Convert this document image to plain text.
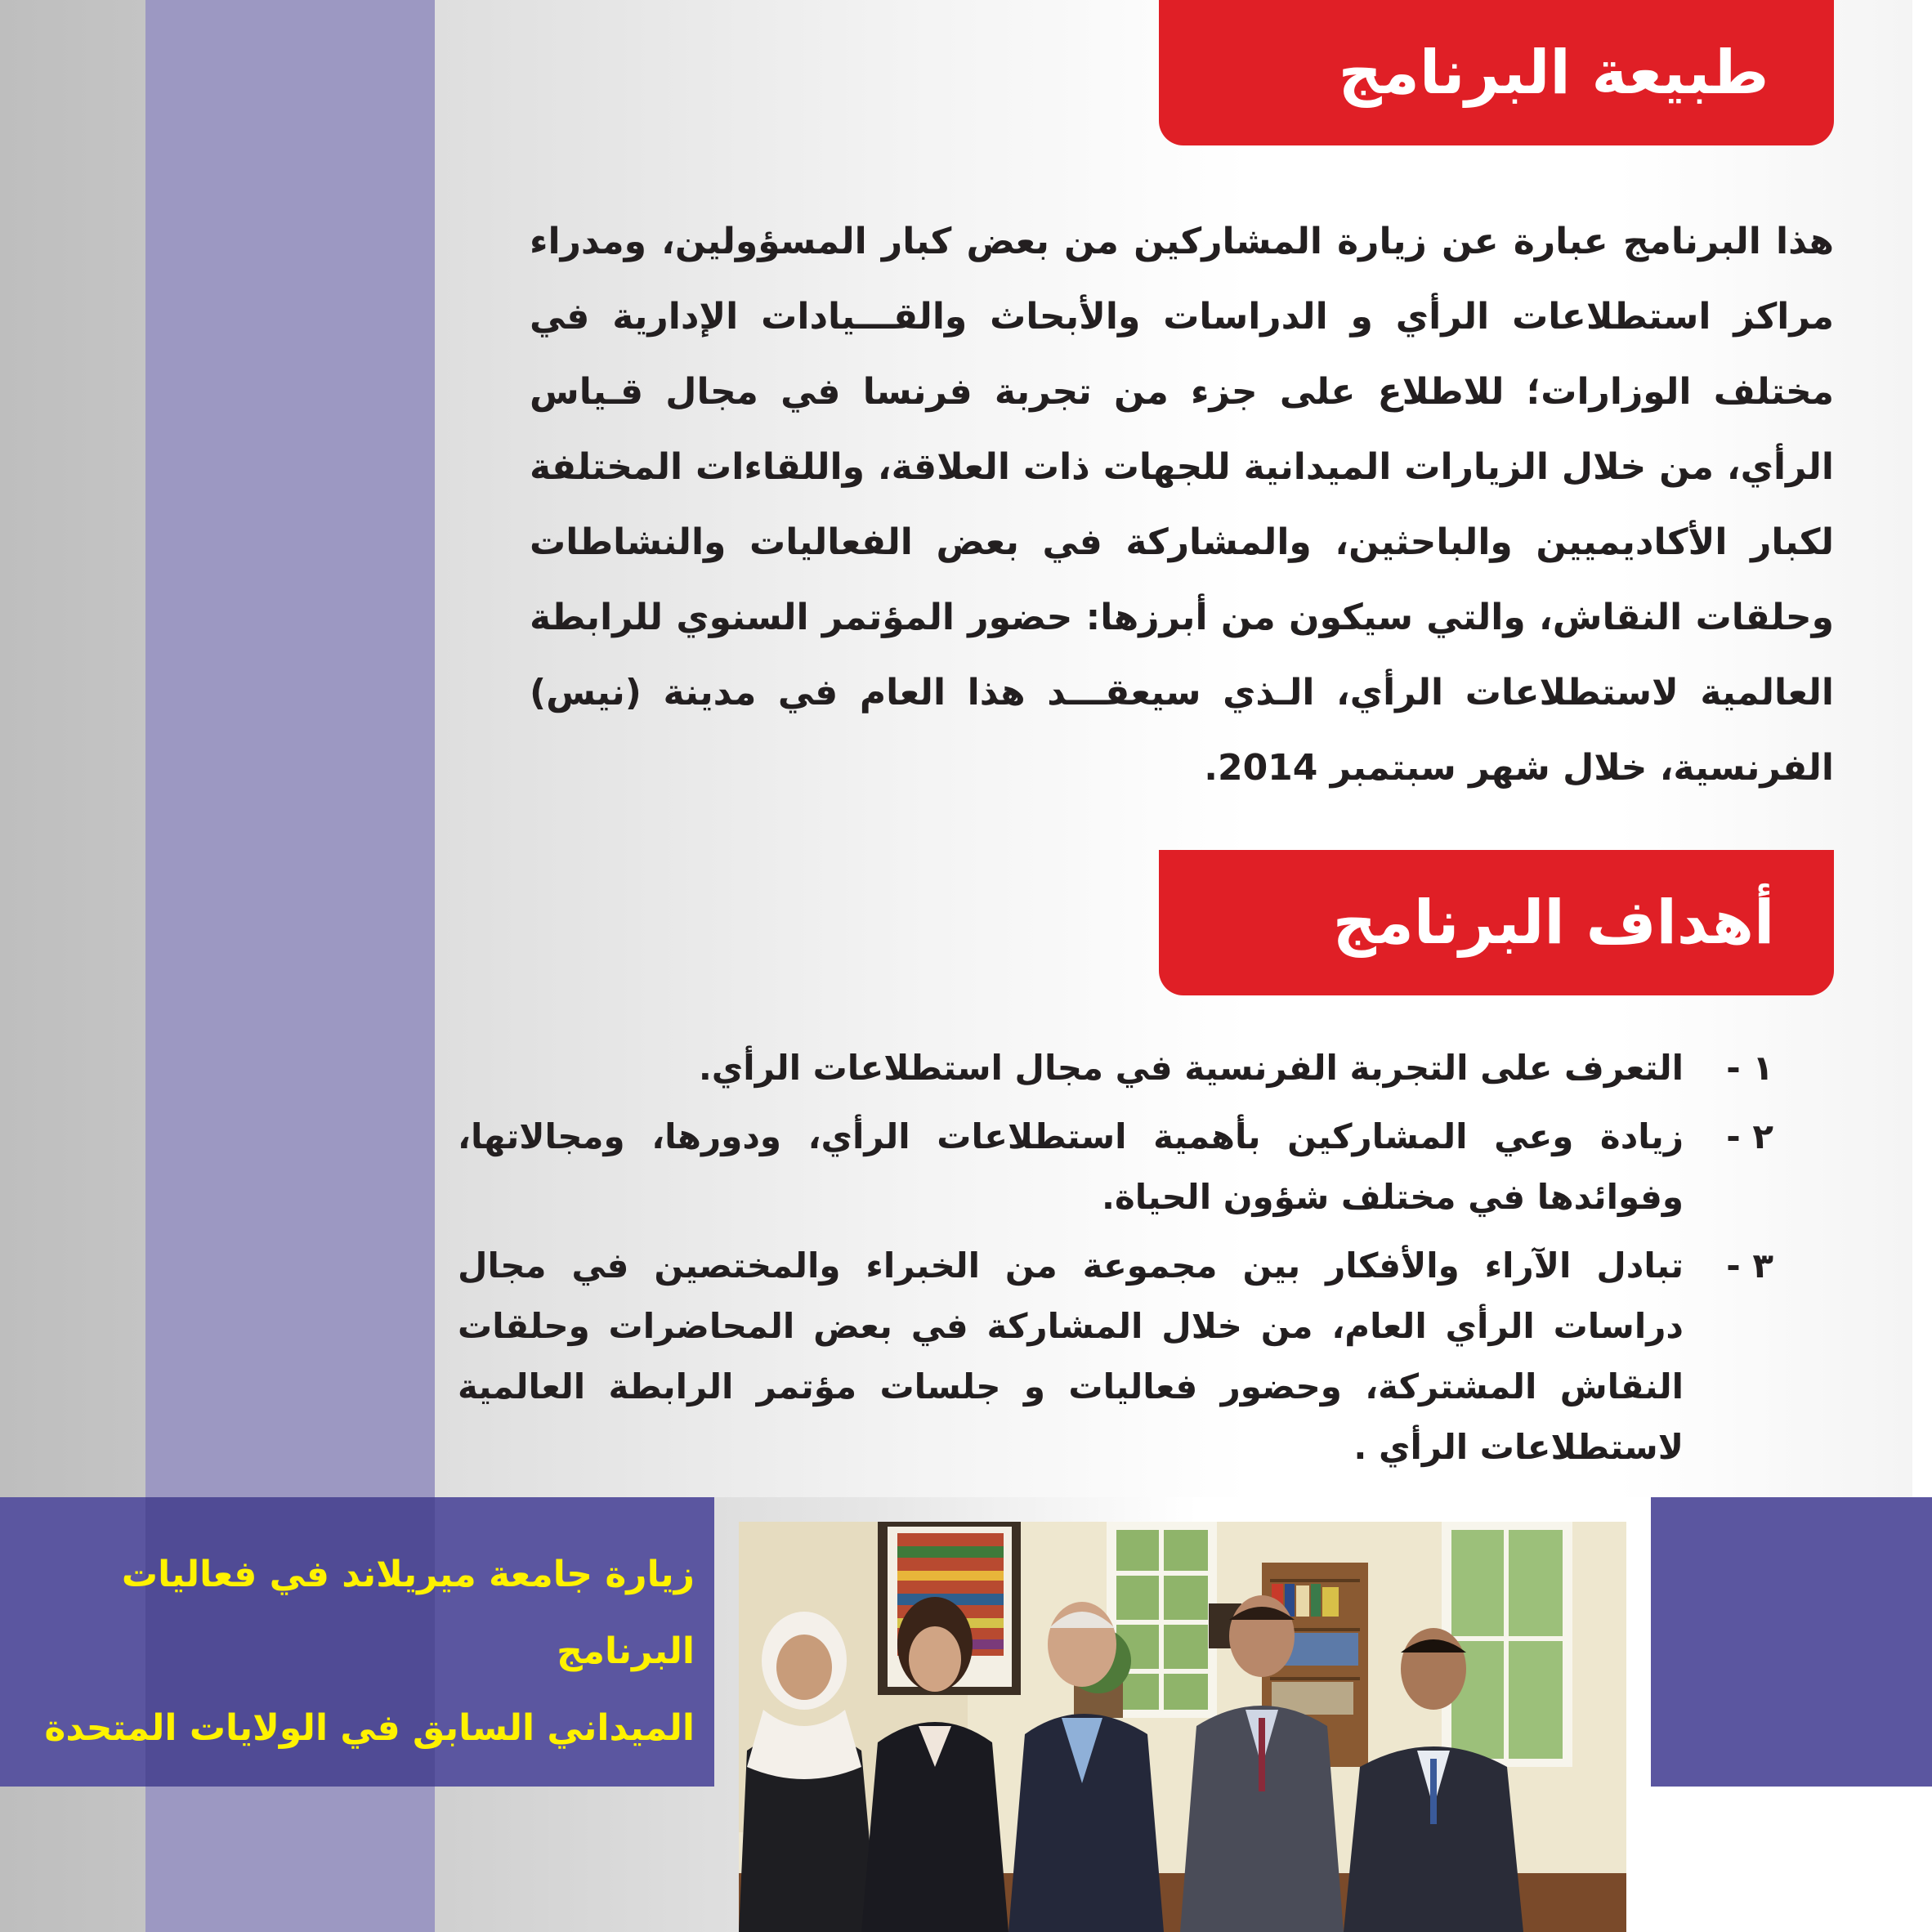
طبيعة البرنامج

هذا البرنامج عبارة عن زيارة المشاركين من بعض كبار المسؤولين، ومدراء مراكز استطلاعات الرأي و الدراسات والأبحاث والقـــيادات الإدارية في مختلف الوزارات؛ للاطلاع على جزء من تجربة فرنسا في مجال قـياس الرأي، من خلال الزيارات الميدانية للجهات ذات العلاقة، واللقاءات المختلفة لكبار الأكاديميين والباحثين، والمشاركة في بعض الفعاليات والنشاطات وحلقات النقاش، والتي سيكون من أبرزها: حضور المؤتمر السنوي للرابطة العالمية لاستطلاعات الرأي، الـذي سيعقـــد هذا العام في مدينة (نيس) الفرنسية، خلال شهر سبتمبر 2014.

أهداف البرنامج
١ -
التعرف على التجربة الفرنسية في مجال استطلاعات الرأي.
٢ -
زيادة وعي المشاركين بأهمية استطلاعات الرأي، ودورها، ومجالاتها، وفوائدها في مختلف شؤون الحياة.
٣ -
تبادل الآراء والأفكار بين مجموعة من الخبراء والمختصين في مجال دراسات الرأي العام، من خلال المشاركة في بعض المحاضرات وحلقات النقاش المشتركة، وحضور فعاليات و جلسات مؤتمر الرابطة العالمية لاستطلاعات الرأي .
زيارة جامعة ميريلاند في فعاليات البرنامج
الميداني السابق في الولايات المتحدة
